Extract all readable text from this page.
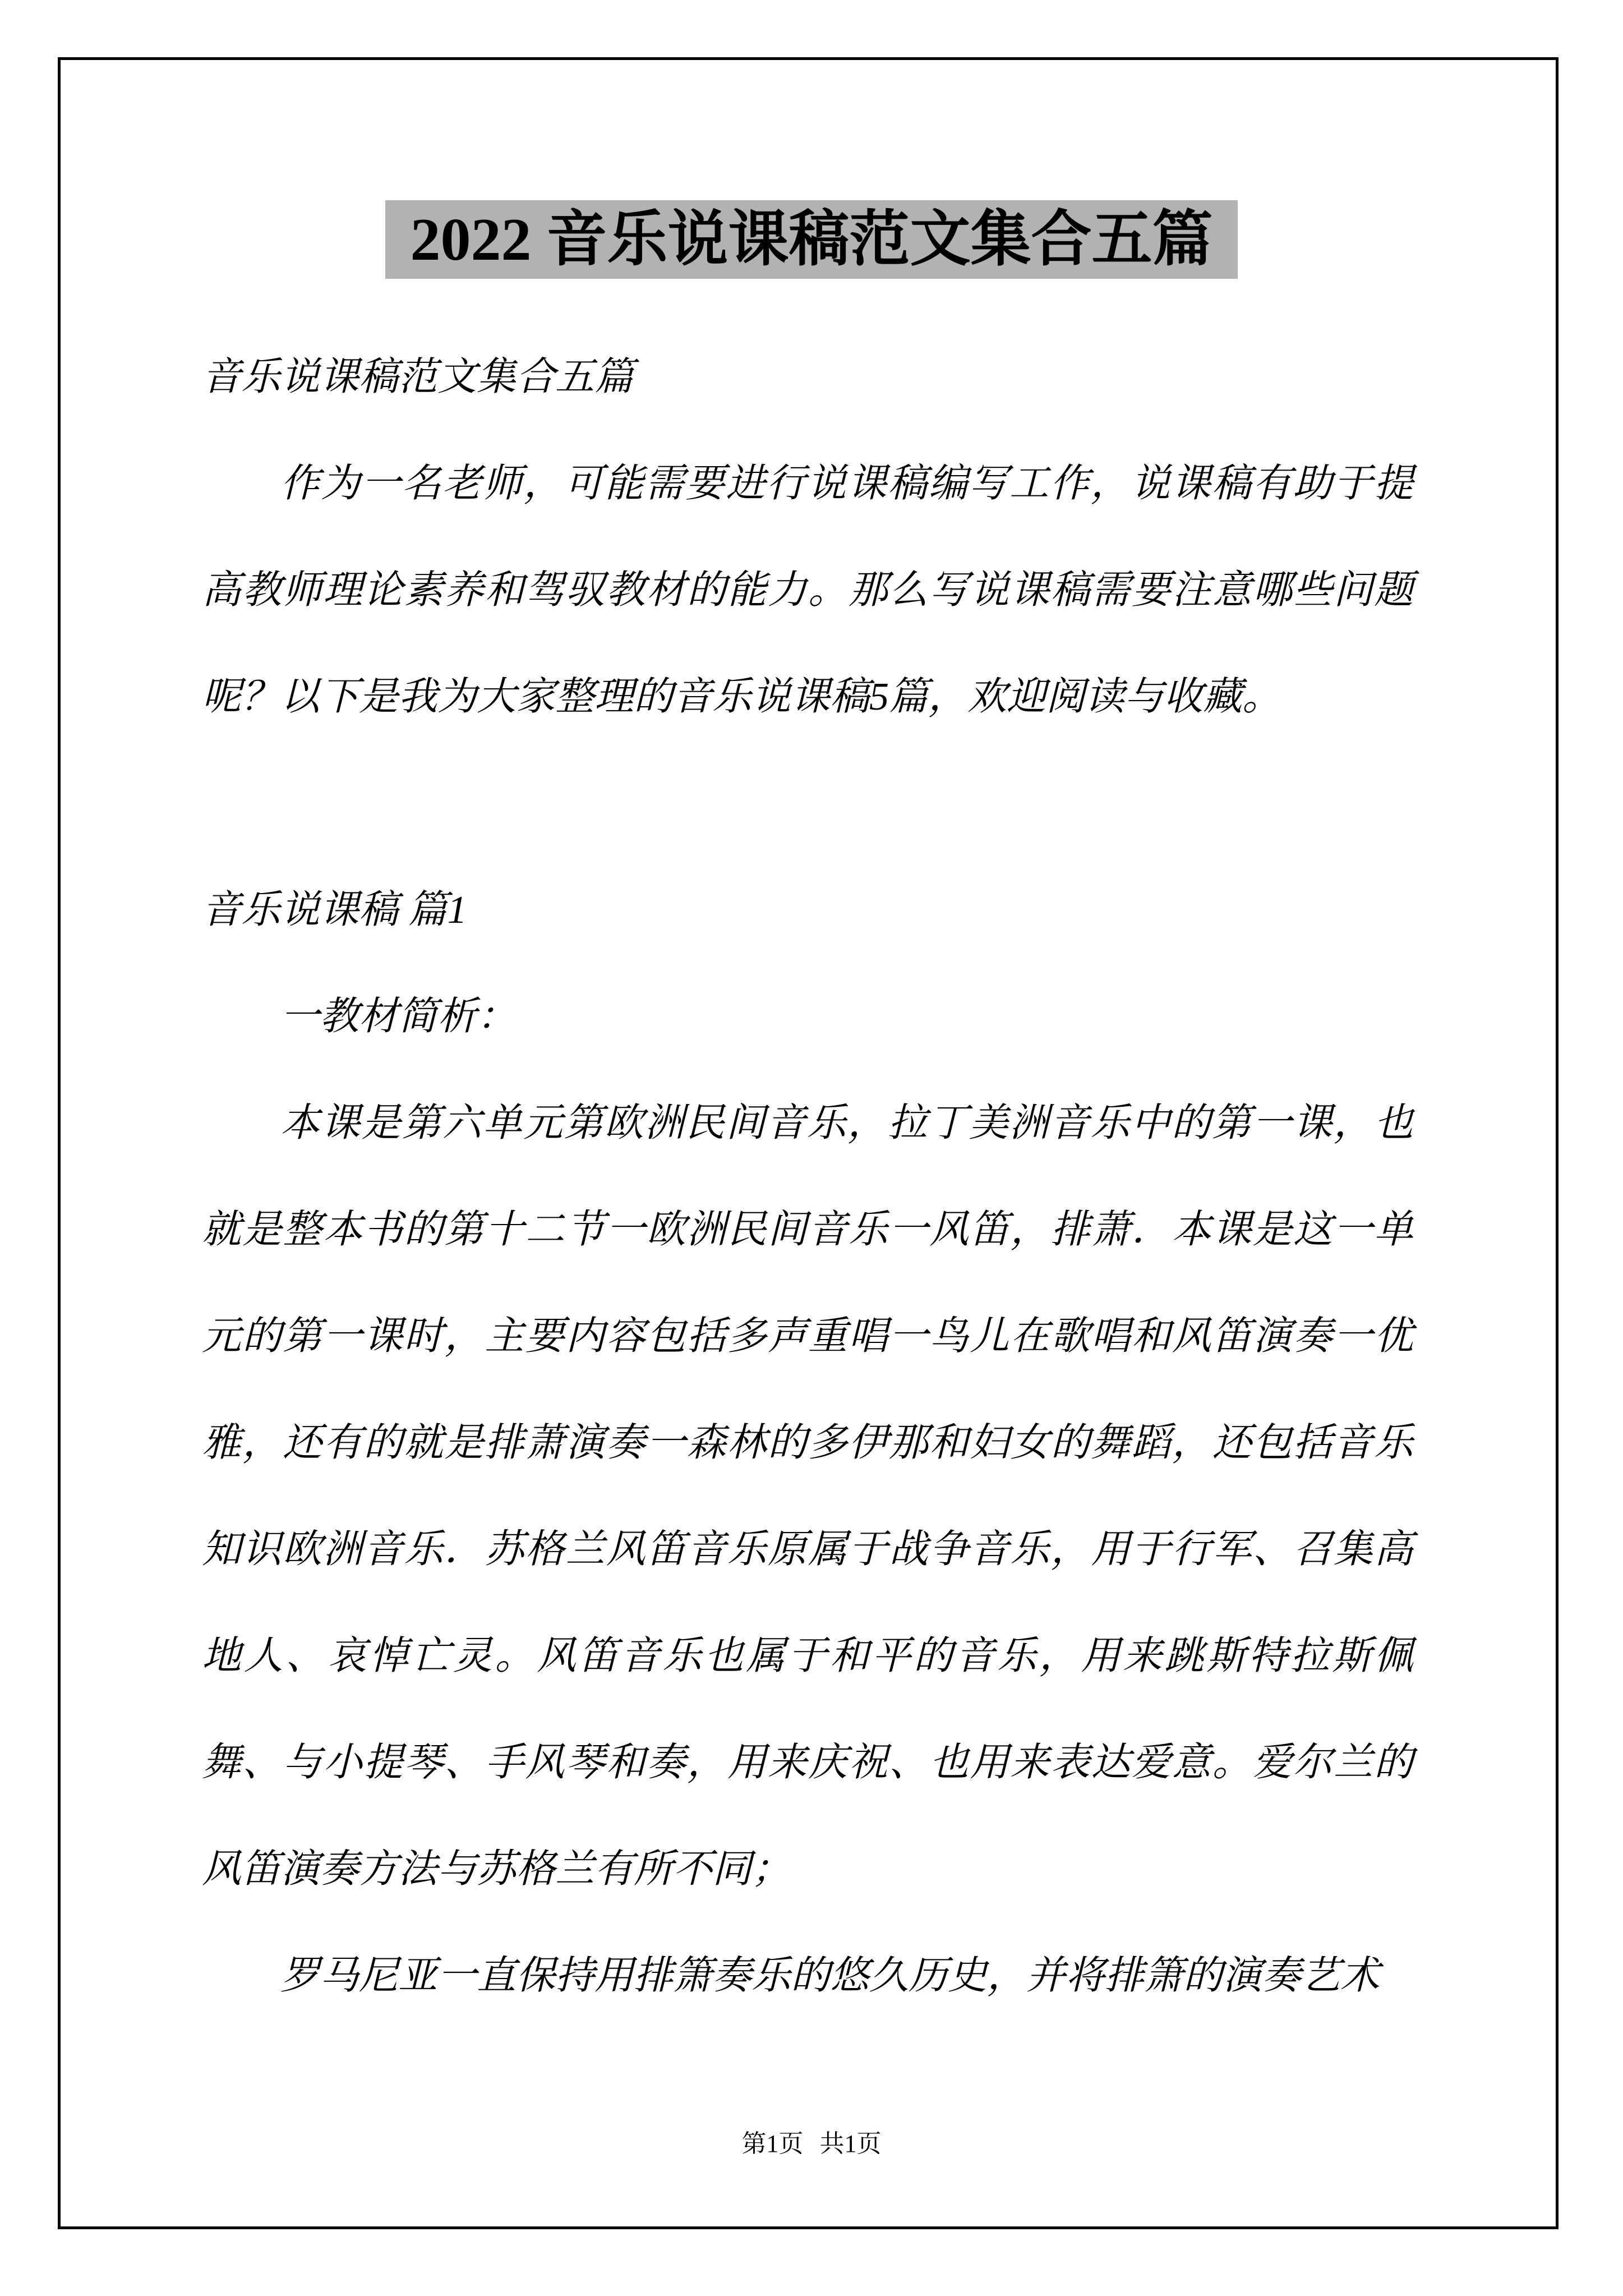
2022 音乐说课稿范文集合五篇

音乐说课稿范文集合五篇

作为一名老师，可能需要进行说课稿编写工作，说课稿有助于提高教师理论素养和驾驭教材的能力。那么写说课稿需要注意哪些问题呢？以下是我为大家整理的音乐说课稿5篇，欢迎阅读与收藏。

音乐说课稿 篇1

一教材简析：

本课是第六单元第欧洲民间音乐，拉丁美洲音乐中的第一课，也就是整本书的第十二节一欧洲民间音乐一风笛，排萧．本课是这一单元的第一课时，主要内容包括多声重唱一鸟儿在歌唱和风笛演奏一优雅，还有的就是排萧演奏一森林的多伊那和妇女的舞蹈，还包括音乐知识欧洲音乐．苏格兰风笛音乐原属于战争音乐，用于行军、召集高地人、哀悼亡灵。风笛音乐也属于和平的音乐，用来跳斯特拉斯佩舞、与小提琴、手风琴和奏，用来庆祝、也用来表达爱意。爱尔兰的风笛演奏方法与苏格兰有所不同；

罗马尼亚一直保持用排箫奏乐的悠久历史，并将排箫的演奏艺术

第1页 共1页
